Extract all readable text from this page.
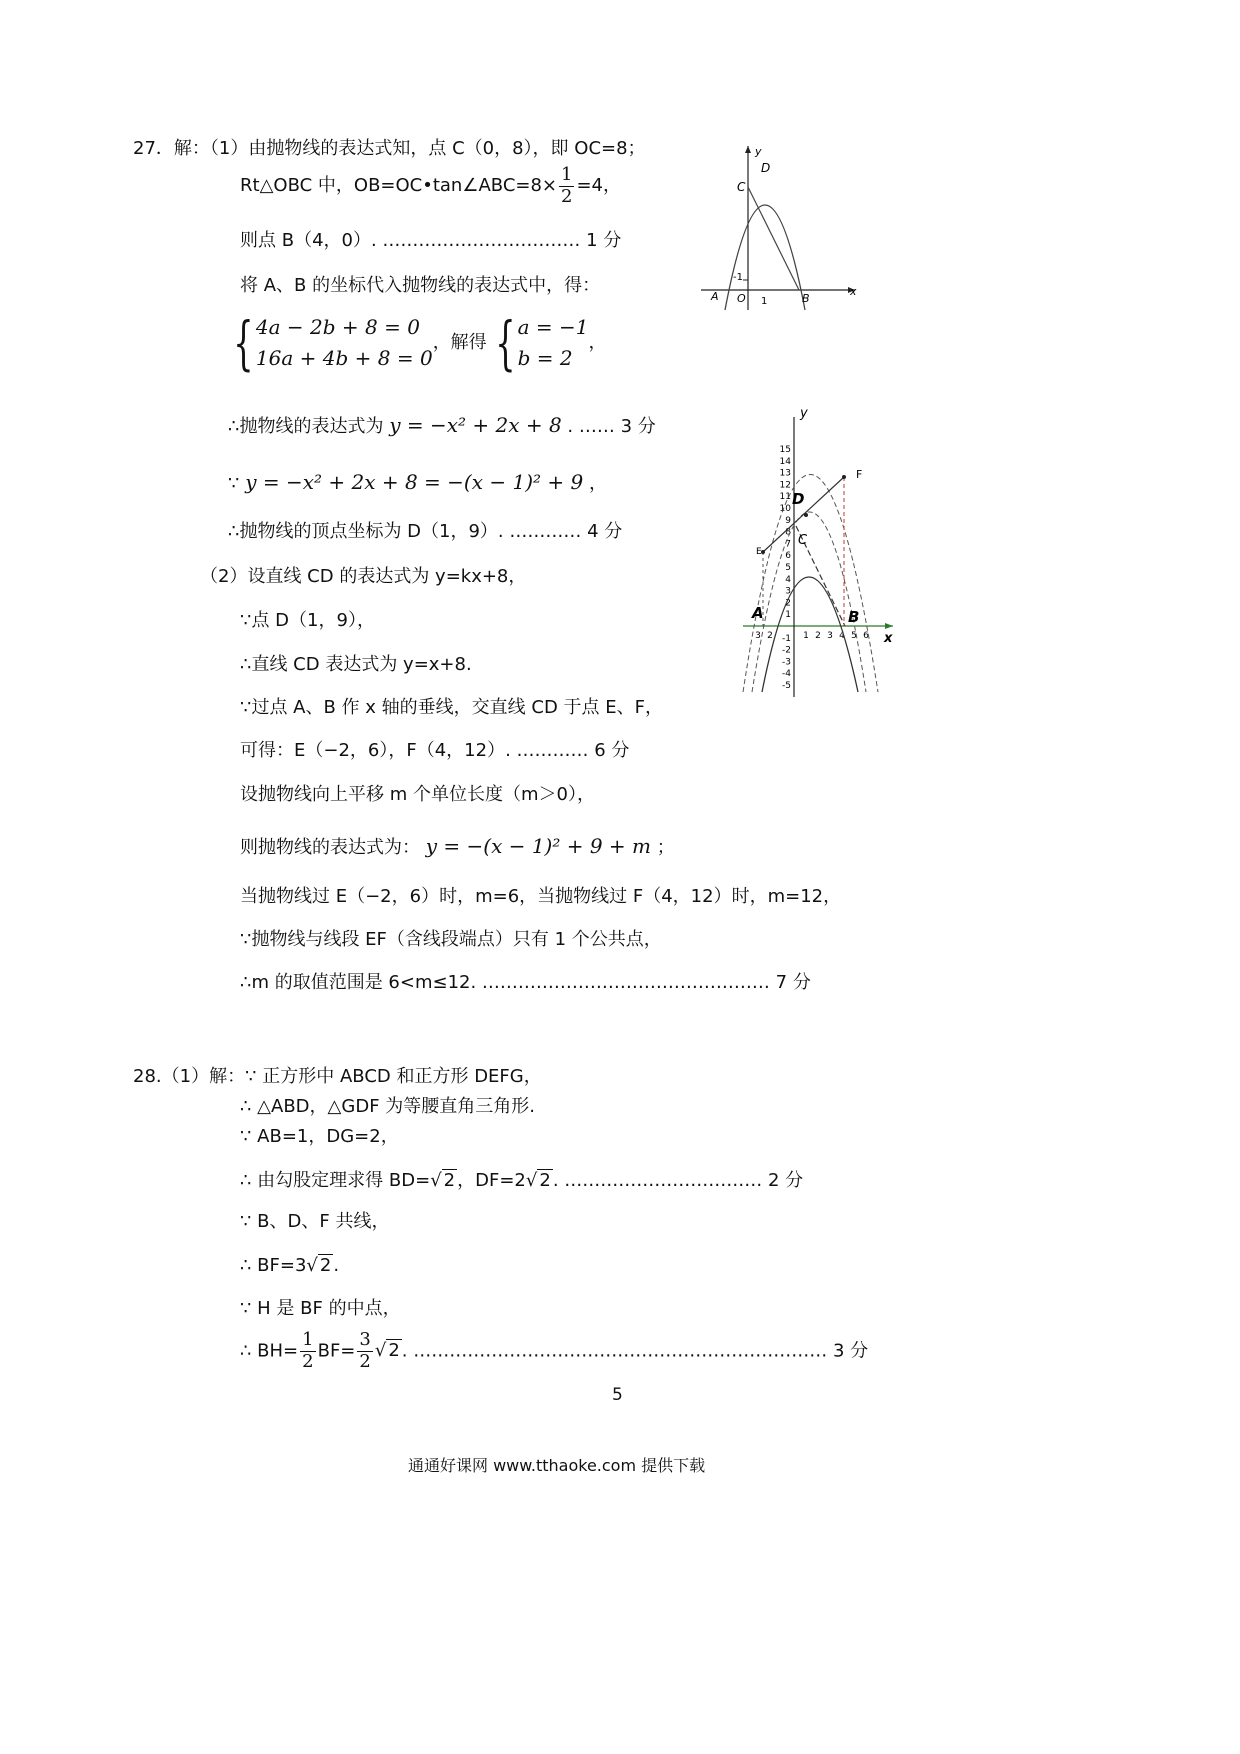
27．解：（1）由抛物线的表达式知，点 C（0，8），即 OC=8；
Rt△OBC 中，OB=OC•tan∠ABC=8× $\frac{1}{2} =4$，
则点 B（4，0）. …………………………… 1 分
将 A、B 的坐标代入抛物线的表达式中，得：
{ 4a − 2b + 8 = 0
16a + 4b + 8 = 0
，解得 { a = −1
b = 2
，
∴抛物线的表达式为 y = −x² + 2x + 8 . …… 3 分
∵ y = −x² + 2x + 8 = −(x − 1)² + 9 ，
∴抛物线的顶点坐标为 D（1，9）. ………… 4 分
（2）设直线 CD 的表达式为 y=kx+8，
∵点 D（1，9），
∴直线 CD 表达式为 y=x+8.
∵过点 A、B 作 x 轴的垂线，交直线 CD 于点 E、F，
可得：E（−2，6），F（4，12）. ………… 6 分
设抛物线向上平移 m 个单位长度（m＞0），
则抛物线的表达式为： y = −(x − 1)² + 9 + m ；
当抛物线过 E（−2，6）时，m=6，当抛物线过 F（4，12）时，m=12，
∵抛物线与线段 EF（含线段端点）只有 1 个公共点，
∴m 的取值范围是 6<m≤12. ………………………………………… 7 分
y
x
C
D
A O	B
-1
1
15
14
13
12
11
10
9
8
7
6
5
4
3
2
1
-1
-2
-3
-4
-5
1 2 3 4 5 6
3 2
y
x
D
C
A	B
F
E
28.（1）解：∵ 正方形中 ABCD 和正方形 DEFG，
∴ △ABD，△GDF 为等腰直角三角形.
∵ AB=1，DG=2，
∴ 由勾股定理求得 BD=√ 2 ，DF=2√ 2 . …………………………… 2 分
∵ B、D、F 共线，
∴ BF=3√ 2 .
∵ H 是 BF 的中点，
∴ $BH= \frac{1}{2} BF= \frac{3}{2}$ √ 2 . …………………………………………………………… 3 分
5
通通好课网 www.tthaoke.com 提供下载
